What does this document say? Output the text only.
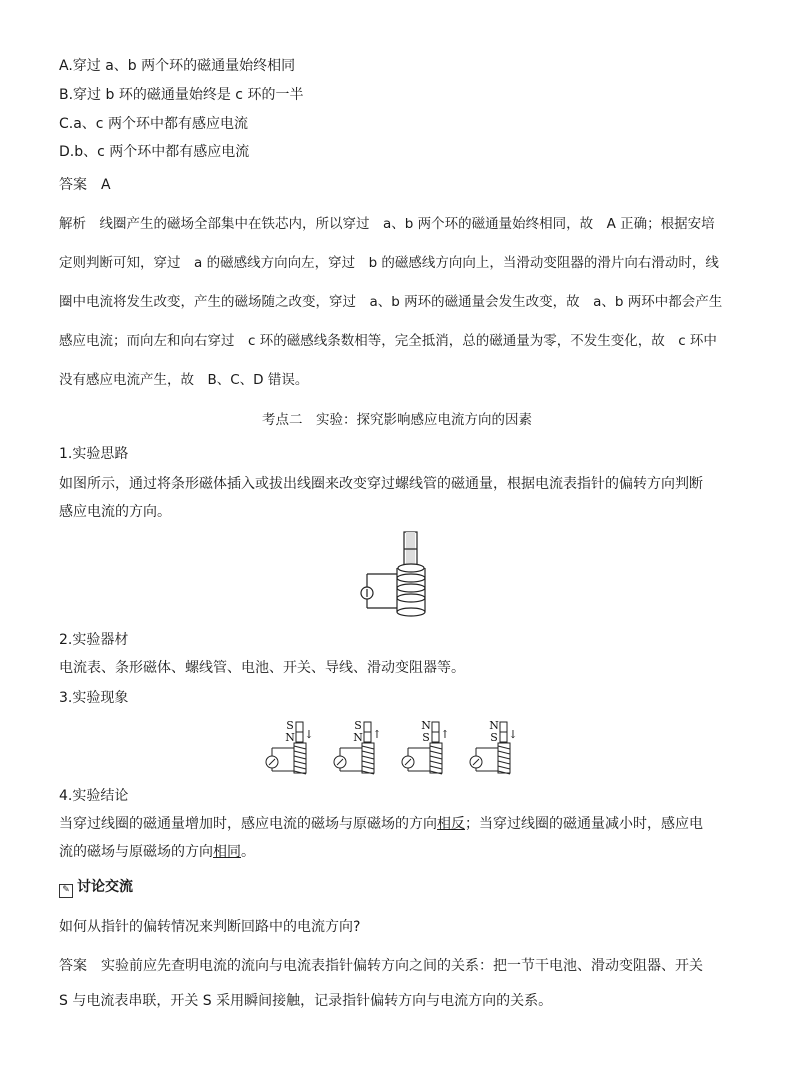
A.穿过 a、b 两个环的磁通量始终相同
B.穿过 b 环的磁通量始终是 c 环的一半
C.a、c 两个环中都有感应电流
D.b、c 两个环中都有感应电流
答案　A
解析　线圈产生的磁场全部集中在铁芯内，所以穿过　a、b 两个环的磁通量始终相同，故　A 正确；根据安培
定则判断可知，穿过　a 的磁感线方向向左，穿过　b 的磁感线方向向上，当滑动变阻器的滑片向右滑动时，线
圈中电流将发生改变，产生的磁场随之改变，穿过　a、b 两环的磁通量会发生改变，故　a、b 两环中都会产生
感应电流；而向左和向右穿过　c 环的磁感线条数相等，完全抵消，总的磁通量为零，不发生变化，故　c 环中
没有感应电流产生，故　B、C、D 错误。
考点二　实验：探究影响感应电流方向的因素
1.实验思路
如图所示，通过将条形磁体插入或拔出线圈来改变穿过螺线管的磁通量，根据电流表指针的偏转方向判断
感应电流的方向。
2.实验器材
电流表、条形磁体、螺线管、电池、开关、导线、滑动变阻器等。
3.实验现象
S
N ↓
S
N ↑
N
S ↑
N
S ↓
4.实验结论
当穿过线圈的磁通量增加时，感应电流的磁场与原磁场的方向相反；当穿过线圈的磁通量减小时，感应电
流的磁场与原磁场的方向相同。
✎ 讨论交流
如何从指针的偏转情况来判断回路中的电流方向?
答案　实验前应先查明电流的流向与电流表指针偏转方向之间的关系：把一节干电池、滑动变阻器、开关
S 与电流表串联，开关 S 采用瞬间接触，记录指针偏转方向与电流方向的关系。
